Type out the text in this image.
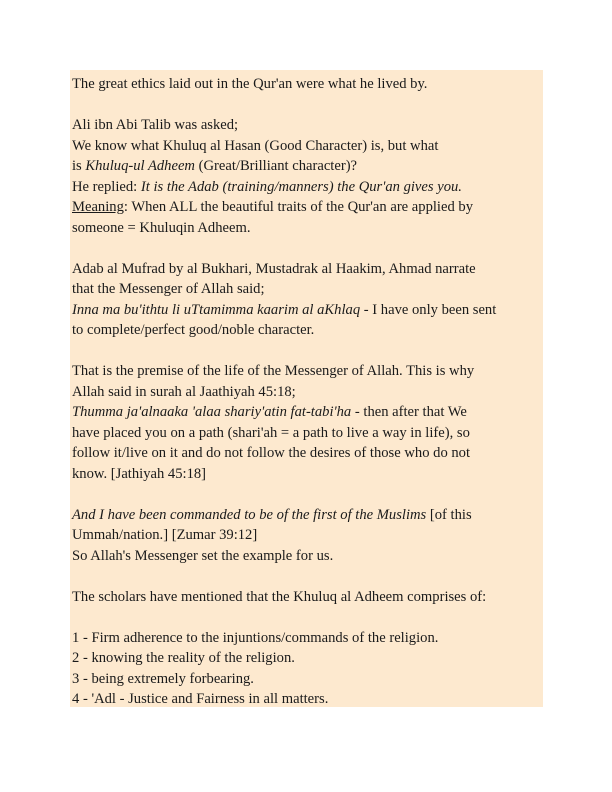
The great ethics laid out in the Qur'an were what he lived by.
Ali ibn Abi Talib was asked;
We know what Khuluq al Hasan (Good Character) is, but what
is Khuluq-ul Adheem (Great/Brilliant character)?
He replied: It is the Adab (training/manners) the Qur'an gives you.
Meaning: When ALL the beautiful traits of the Qur'an are applied by
someone = Khuluqin Adheem.
Adab al Mufrad by al Bukhari, Mustadrak al Haakim, Ahmad narrate
that the Messenger of Allah said;
Inna ma bu'ithtu li uTtamimma kaarim al aKhlaq - I have only been sent
to complete/perfect good/noble character.
That is the premise of the life of the Messenger of Allah. This is why
Allah said in surah al Jaathiyah 45:18;
Thumma ja'alnaaka 'alaa shariy'atin fat-tabi'ha - then after that We
have placed you on a path (shari'ah = a path to live a way in life), so
follow it/live on it and do not follow the desires of those who do not
know. [Jathiyah 45:18]
And I have been commanded to be of the first of the Muslims [of this
Ummah/nation.] [Zumar 39:12]
So Allah's Messenger set the example for us.
The scholars have mentioned that the Khuluq al Adheem comprises of:
1 - Firm adherence to the injuntions/commands of the religion.
2 - knowing the reality of the religion.
3 - being extremely forbearing.
4 - 'Adl - Justice and Fairness in all matters.
